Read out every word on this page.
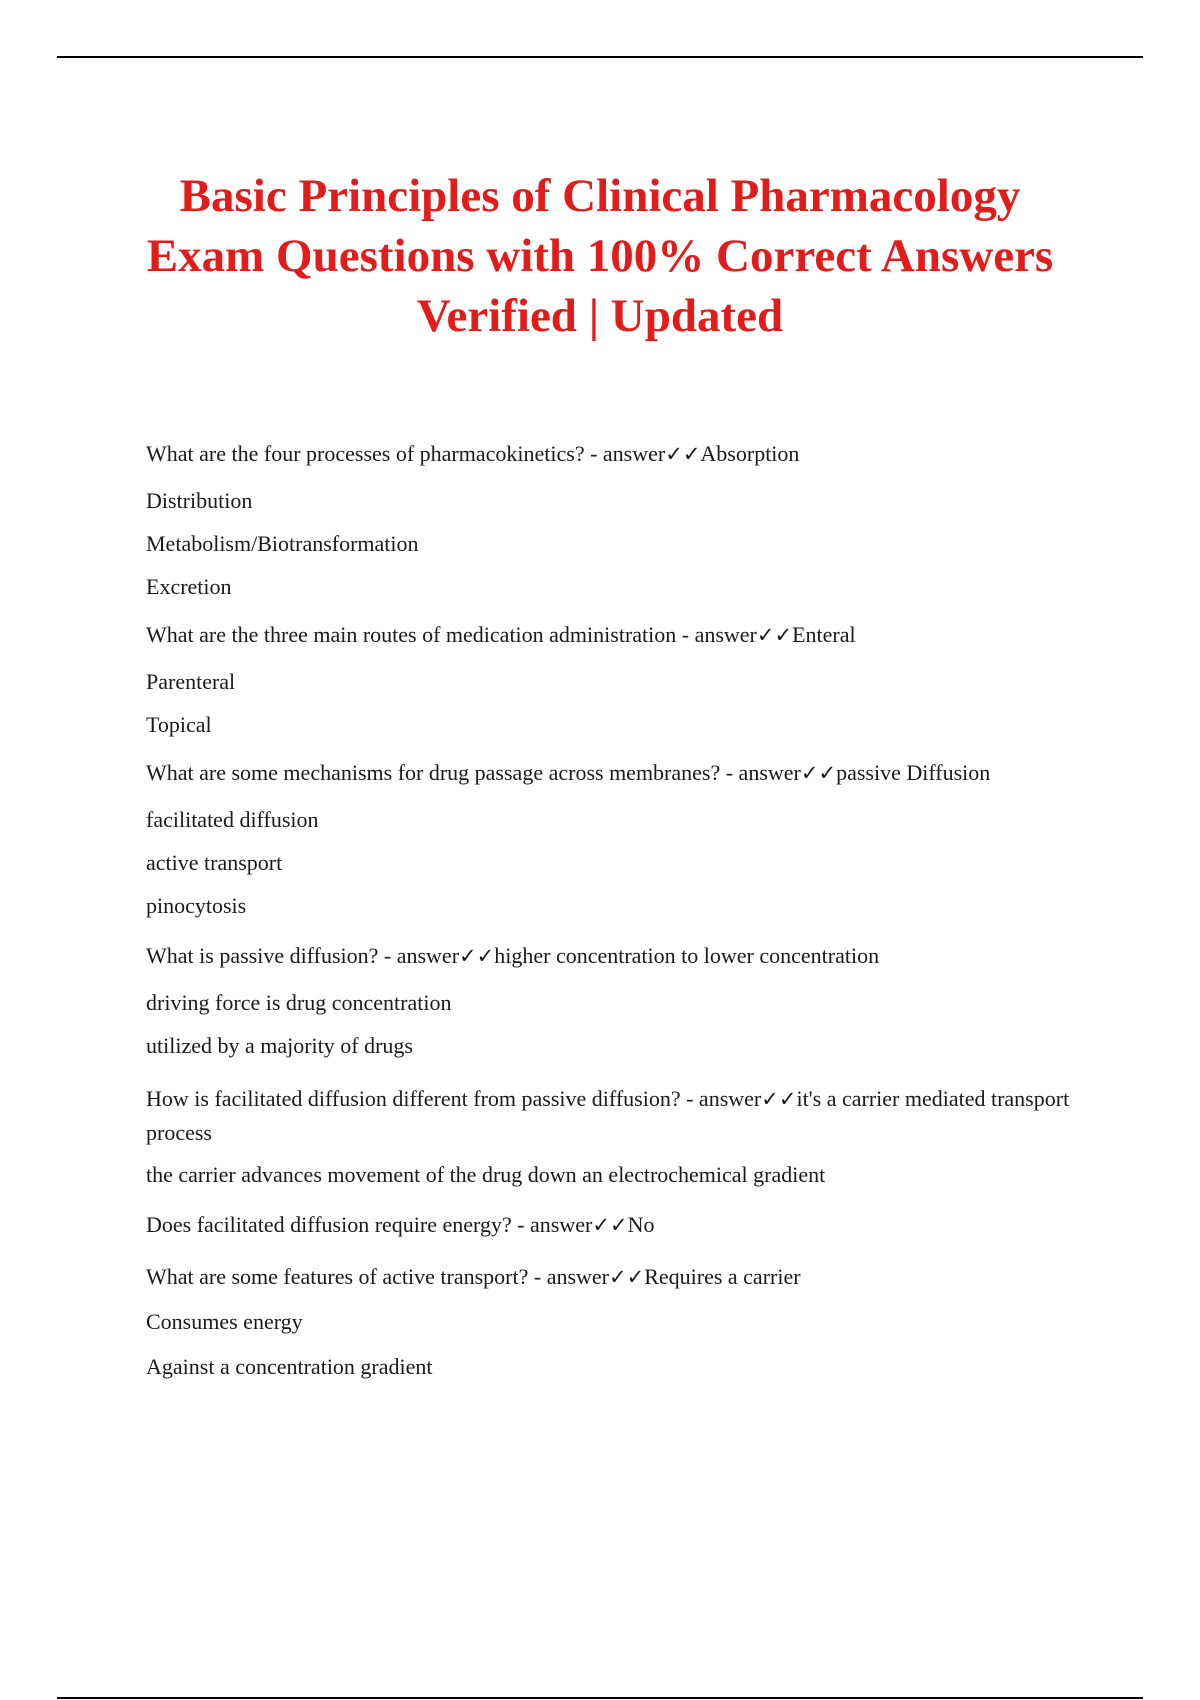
Basic Principles of Clinical Pharmacology
Exam Questions with 100% Correct Answers
Verified | Updated
What are the four processes of pharmacokinetics? - answer✓✓Absorption
Distribution
Metabolism/Biotransformation
Excretion
What are the three main routes of medication administration - answer✓✓Enteral
Parenteral
Topical
What are some mechanisms for drug passage across membranes? - answer✓✓passive Diffusion
facilitated diffusion
active transport
pinocytosis
What is passive diffusion? - answer✓✓higher concentration to lower concentration
driving force is drug concentration
utilized by a majority of drugs
How is facilitated diffusion different from passive diffusion? - answer✓✓it's a carrier mediated transport process
the carrier advances movement of the drug down an electrochemical gradient
Does facilitated diffusion require energy? - answer✓✓No
What are some features of active transport? - answer✓✓Requires a carrier
Consumes energy
Against a concentration gradient
